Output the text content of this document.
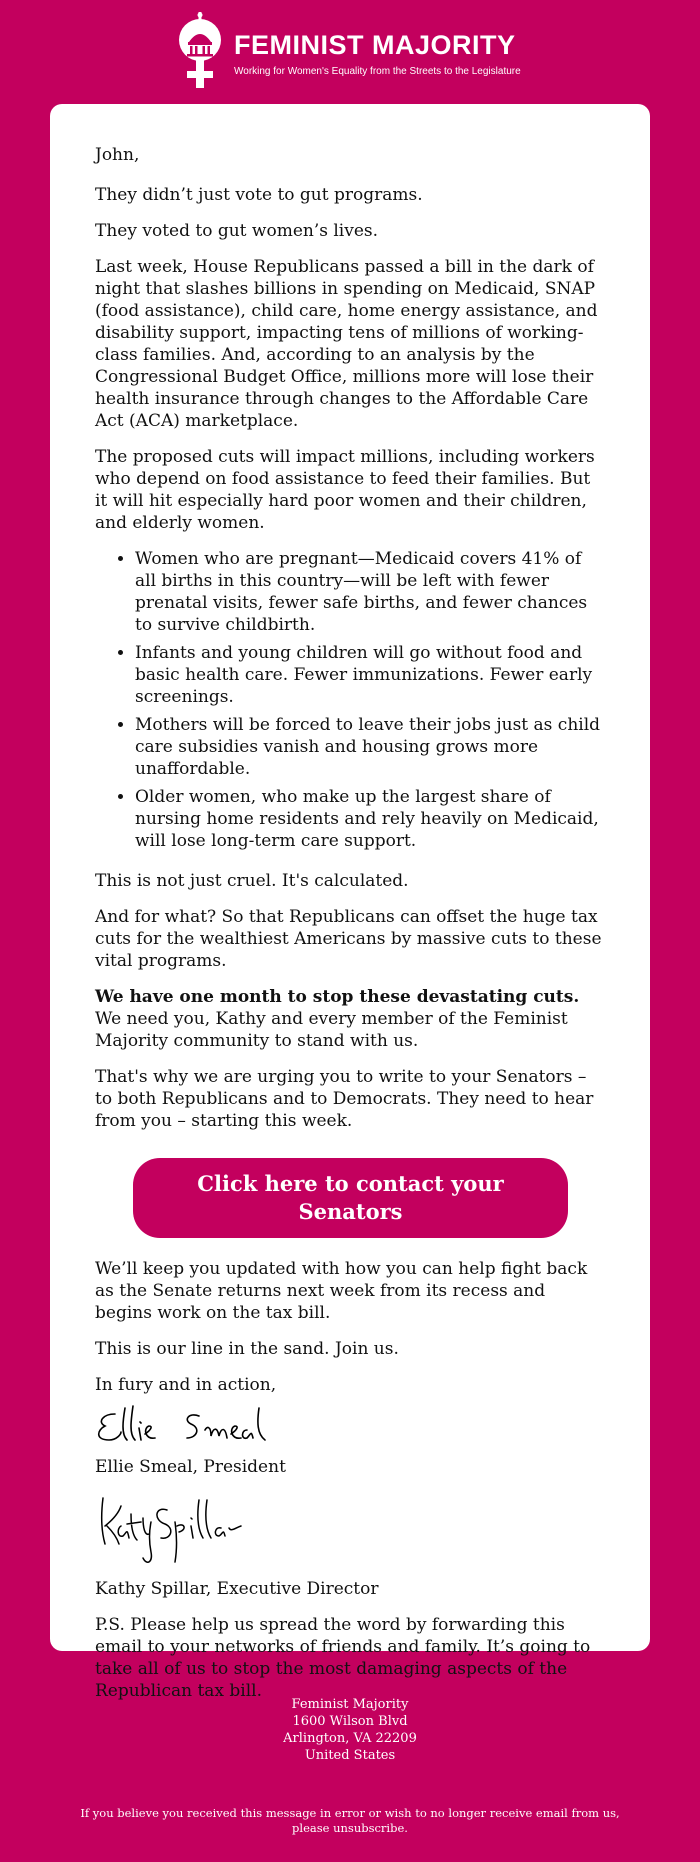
FEMINIST MAJORITY
Working for Women's Equality from the Streets to the Legislature

John,

They didn’t just vote to gut programs.

They voted to gut women’s lives.

Last week, House Republicans passed a bill in the dark of night that slashes billions in spending on Medicaid, SNAP (food assistance), child care, home energy assistance, and disability support, impacting tens of millions of working-class families. And, according to an analysis by the Congressional Budget Office, millions more will lose their health insurance through changes to the Affordable Care Act (ACA) marketplace.

The proposed cuts will impact millions, including workers who depend on food assistance to feed their families. But it will hit especially hard poor women and their children, and elderly women.

• Women who are pregnant—Medicaid covers 41% of all births in this country—will be left with fewer prenatal visits, fewer safe births, and fewer chances to survive childbirth.
• Infants and young children will go without food and basic health care. Fewer immunizations. Fewer early screenings.
• Mothers will be forced to leave their jobs just as child care subsidies vanish and housing grows more unaffordable.
• Older women, who make up the largest share of nursing home residents and rely heavily on Medicaid, will lose long-term care support.

This is not just cruel. It's calculated.

And for what? So that Republicans can offset the huge tax cuts for the wealthiest Americans by massive cuts to these vital programs.

We have one month to stop these devastating cuts. We need you, Kathy and every member of the Feminist Majority community to stand with us.

That's why we are urging you to write to your Senators – to both Republicans and to Democrats. They need to hear from you – starting this week.

Click here to contact your Senators

We’ll keep you updated with how you can help fight back as the Senate returns next week from its recess and begins work on the tax bill.

This is our line in the sand. Join us.

In fury and in action,

Ellie Smeal, President

Kathy Spillar, Executive Director

P.S. Please help us spread the word by forwarding this email to your networks of friends and family. It’s going to take all of us to stop the most damaging aspects of the Republican tax bill.

Feminist Majority
1600 Wilson Blvd
Arlington, VA 22209
United States
If you believe you received this message in error or wish to no longer receive email from us, please unsubscribe.
